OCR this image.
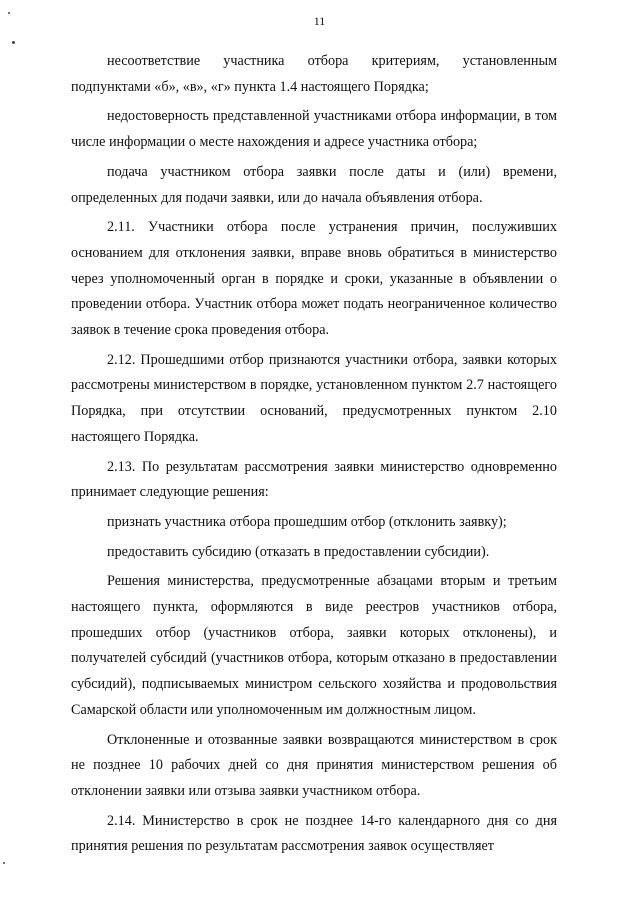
11

несоответствие участника отбора критериям, установленным подпунктами «б», «в», «г» пункта 1.4 настоящего Порядка;

недостоверность представленной участниками отбора информации, в том числе информации о месте нахождения и адресе участника отбора;

подача участником отбора заявки после даты и (или) времени, определенных для подачи заявки, или до начала объявления отбора.

2.11. Участники отбора после устранения причин, послуживших основанием для отклонения заявки, вправе вновь обратиться в министерство через уполномоченный орган в порядке и сроки, указанные в объявлении о проведении отбора. Участник отбора может подать неограниченное количество заявок в течение срока проведения отбора.

2.12. Прошедшими отбор признаются участники отбора, заявки которых рассмотрены министерством в порядке, установленном пунктом 2.7 настоящего Порядка, при отсутствии оснований, предусмотренных пунктом 2.10 настоящего Порядка.

2.13. По результатам рассмотрения заявки министерство одновременно принимает следующие решения:

признать участника отбора прошедшим отбор (отклонить заявку);

предоставить субсидию (отказать в предоставлении субсидии).

Решения министерства, предусмотренные абзацами вторым и третьим настоящего пункта, оформляются в виде реестров участников отбора, прошедших отбор (участников отбора, заявки которых отклонены), и получателей субсидий (участников отбора, которым отказано в предоставлении субсидий), подписываемых министром сельского хозяйства и продовольствия Самарской области или уполномоченным им должностным лицом.

Отклоненные и отозванные заявки возвращаются министерством в срок не позднее 10 рабочих дней со дня принятия министерством решения об отклонении заявки или отзыва заявки участником отбора.

2.14. Министерство в срок не позднее 14-го календарного дня со дня принятия решения по результатам рассмотрения заявок осуществляет
